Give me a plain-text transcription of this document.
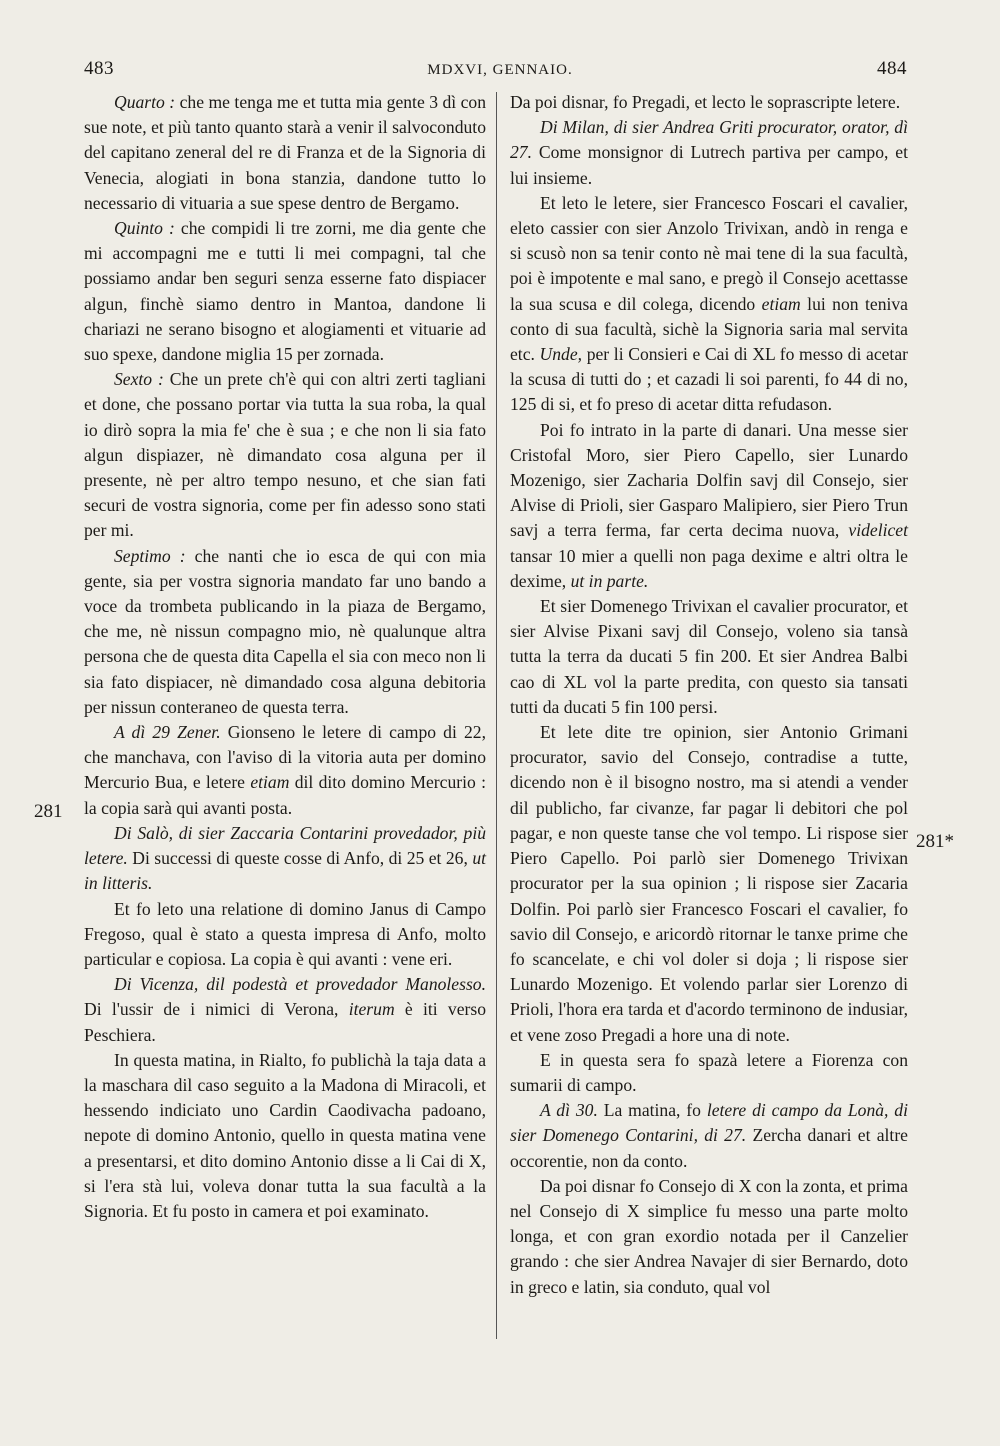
483	MDXVI, GENNAIO.	484
281
281*

Quarto : che me tenga me et tutta mia gente 3 dì con sue note, et più tanto quanto starà a venir il salvoconduto del capitano zeneral del re di Franza et de la Signoria di Venecia, alogiati in bona stanzia, dandone tutto lo necessario di vituaria a sue spese dentro de Bergamo.

Quinto : che compidi li tre zorni, me dia gente che mi accompagni me e tutti li mei compagni, tal che possiamo andar ben seguri senza esserne fato dispiacer algun, finchè siamo dentro in Mantoa, dandone li chariazi ne serano bisogno et alogiamenti et vituarie ad suo spexe, dandone miglia 15 per zornada.

Sexto : Che un prete ch'è qui con altri zerti tagliani et done, che possano portar via tutta la sua roba, la qual io dirò sopra la mia fe' che è sua ; e che non li sia fato algun dispiazer, nè dimandato cosa alguna per il presente, nè per altro tempo nesuno, et che sian fati securi de vostra signoria, come per fin adesso sono stati per mi.

Septimo : che nanti che io esca de qui con mia gente, sia per vostra signoria mandato far uno bando a voce da trombeta publicando in la piaza de Bergamo, che me, nè nissun compagno mio, nè qualunque altra persona che de questa dita Capella el sia con meco non li sia fato dispiacer, nè dimandado cosa alguna debitoria per nissun conteraneo de questa terra.

A dì 29 Zener. Gionseno le letere di campo di 22, che manchava, con l'aviso di la vitoria auta per domino Mercurio Bua, e letere etiam dil dito domino Mercurio : la copia sarà qui avanti posta.

Di Salò, di sier Zaccaria Contarini provedador, più letere. Di successi di queste cosse di Anfo, di 25 et 26, ut in litteris.

Et fo leto una relatione di domino Janus di Campo Fregoso, qual è stato a questa impresa di Anfo, molto particular e copiosa. La copia è qui avanti : vene eri.

Di Vicenza, dil podestà et provedador Manolesso. Di l'ussir de i nimici di Verona, iterum è iti verso Peschiera.

In questa matina, in Rialto, fo publichà la taja data a la maschara dil caso seguito a la Madona di Miracoli, et hessendo indiciato uno Cardin Caodivacha padoano, nepote di domino Antonio, quello in questa matina vene a presentarsi, et dito domino Antonio disse a li Cai di X, si l'era stà lui, voleva donar tutta la sua facultà a la Signoria. Et fu posto in camera et poi examinato.

Da poi disnar, fo Pregadi, et lecto le soprascripte letere.

Di Milan, di sier Andrea Griti procurator, orator, dì 27. Come monsignor di Lutrech partiva per campo, et lui insieme.

Et leto le letere, sier Francesco Foscari el cavalier, eleto cassier con sier Anzolo Trivixan, andò in renga e si scusò non sa tenir conto nè mai tene di la sua facultà, poi è impotente e mal sano, e pregò il Consejo acettasse la sua scusa e dil colega, dicendo etiam lui non teniva conto di sua facultà, sichè la Signoria saria mal servita etc. Unde, per li Consieri e Cai di XL fo messo di acetar la scusa di tutti do ; et cazadi li soi parenti, fo 44 di no, 125 di si, et fo preso di acetar ditta refudason.

Poi fo intrato in la parte di danari. Una messe sier Cristofal Moro, sier Piero Capello, sier Lunardo Mozenigo, sier Zacharia Dolfin savj dil Consejo, sier Alvise di Prioli, sier Gasparo Malipiero, sier Piero Trun savj a terra ferma, far certa decima nuova, videlicet tansar 10 mier a quelli non paga dexime e altri oltra le dexime, ut in parte.

Et sier Domenego Trivixan el cavalier procurator, et sier Alvise Pixani savj dil Consejo, voleno sia tansà tutta la terra da ducati 5 fin 200. Et sier Andrea Balbi cao di XL vol la parte predita, con questo sia tansati tutti da ducati 5 fin 100 persi.

Et lete dite tre opinion, sier Antonio Grimani procurator, savio del Consejo, contradise a tutte, dicendo non è il bisogno nostro, ma si atendi a vender dil publicho, far civanze, far pagar li debitori che pol pagar, e non queste tanse che vol tempo. Li rispose sier Piero Capello. Poi parlò sier Domenego Trivixan procurator per la sua opinion ; li rispose sier Zacaria Dolfin. Poi parlò sier Francesco Foscari el cavalier, fo savio dil Consejo, e aricordò ritornar le tanxe prime che fo scancelate, e chi vol doler si doja ; li rispose sier Lunardo Mozenigo. Et volendo parlar sier Lorenzo di Prioli, l'hora era tarda et d'acordo terminono de indusiar, et vene zoso Pregadi a hore una di note.

E in questa sera fo spazà letere a Fiorenza con sumarii di campo.

A dì 30. La matina, fo letere di campo da Lonà, di sier Domenego Contarini, di 27. Zercha danari et altre occorentie, non da conto.

Da poi disnar fo Consejo di X con la zonta, et prima nel Consejo di X simplice fu messo una parte molto longa, et con gran exordio notada per il Canzelier grando : che sier Andrea Navajer di sier Bernardo, doto in greco e latin, sia conduto, qual vol
